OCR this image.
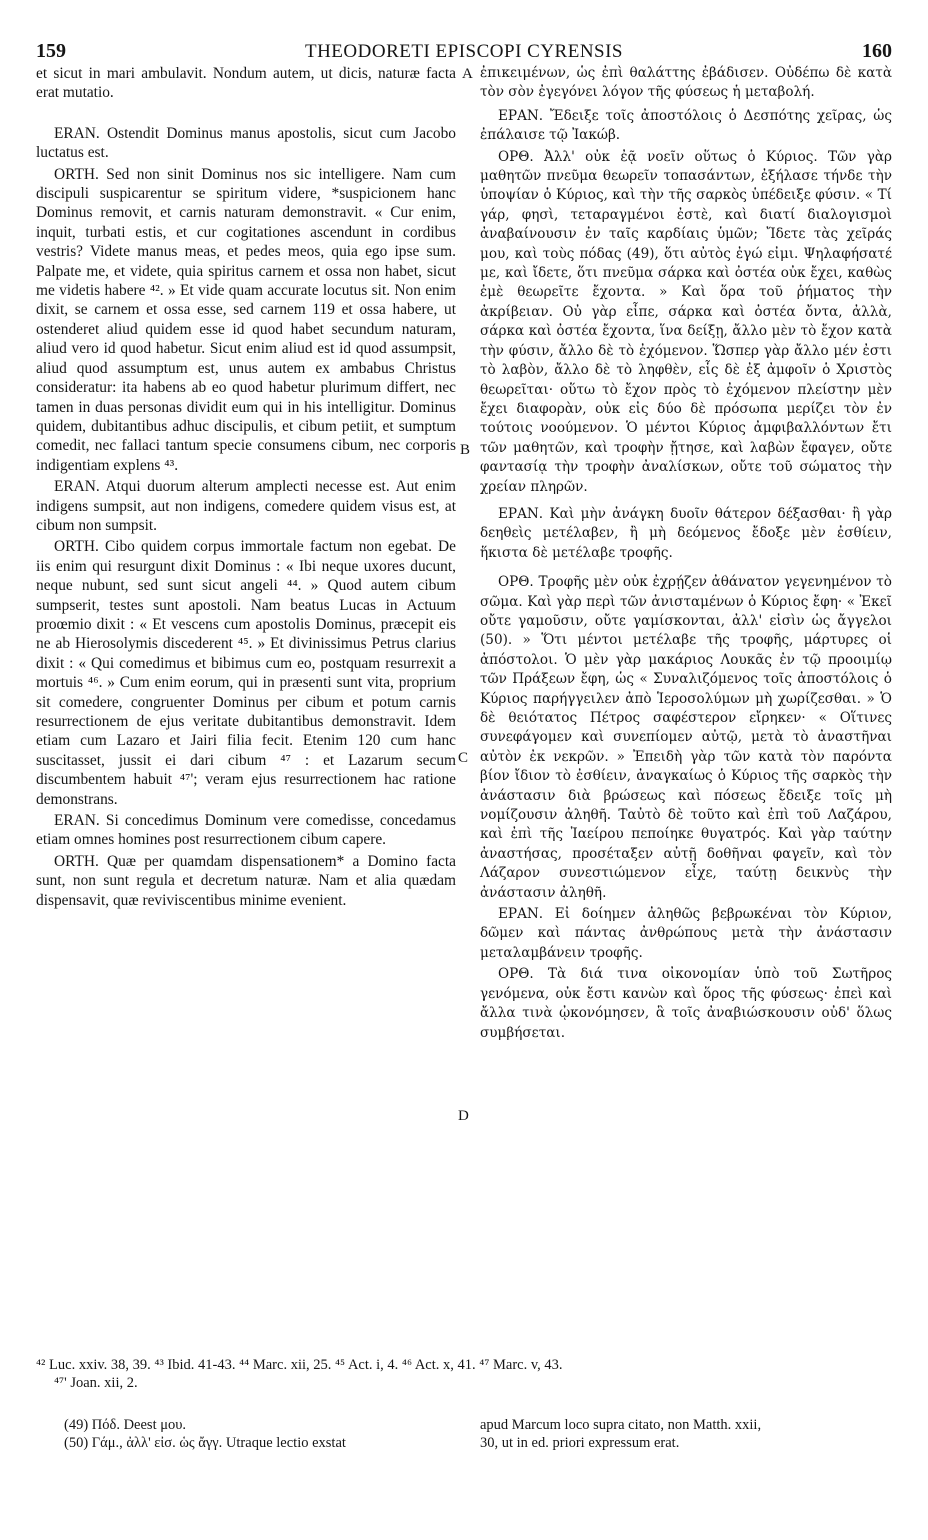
159	THEODORETI EPISCOPI CYRENSIS	160
A
B
C
D

et sicut in mari ambulavit. Nondum autem, ut dicis, naturæ facta erat mutatio.

ERAN. Ostendit Dominus manus apostolis, sicut cum Jacobo luctatus est.

ORTH. Sed non sinit Dominus nos sic intelligere. Nam cum discipuli suspicarentur se spiritum videre, *suspicionem hanc Dominus removit, et carnis naturam demonstravit. « Cur enim, inquit, turbati estis, et cur cogitationes ascendunt in cordibus vestris? Videte manus meas, et pedes meos, quia ego ipse sum. Palpate me, et videte, quia spiritus carnem et ossa non habet, sicut me videtis habere ⁴². » Et vide quam accurate locutus sit. Non enim dixit, se carnem et ossa esse, sed carnem 119 et ossa habere, ut ostenderet aliud quidem esse id quod habet secundum naturam, aliud vero id quod habetur. Sicut enim aliud est id quod assumpsit, aliud quod assumptum est, unus autem ex ambabus Christus consideratur: ita habens ab eo quod habetur plurimum differt, nec tamen in duas personas dividit eum qui in his intelligitur. Dominus quidem, dubitantibus adhuc discipulis, et cibum petiit, et sumptum comedit, nec fallaci tantum specie consumens cibum, nec corporis indigentiam explens ⁴³.

ERAN. Atqui duorum alterum amplecti necesse est. Aut enim indigens sumpsit, aut non indigens, comedere quidem visus est, at cibum non sumpsit.

ORTH. Cibo quidem corpus immortale factum non egebat. De iis enim qui resurgunt dixit Dominus : « Ibi neque uxores ducunt, neque nubunt, sed sunt sicut angeli ⁴⁴. » Quod autem cibum sumpserit, testes sunt apostoli. Nam beatus Lucas in Actuum proœmio dixit : « Et vescens cum apostolis Dominus, præcepit eis ne ab Hierosolymis discederent ⁴⁵. » Et divinissimus Petrus clarius dixit : « Qui comedimus et bibimus cum eo, postquam resurrexit a mortuis ⁴⁶. » Cum enim eorum, qui in præsenti sunt vita, proprium sit comedere, congruenter Dominus per cibum et potum carnis resurrectionem de ejus veritate dubitantibus demonstravit. Idem etiam cum Lazaro et Jairi filia fecit. Etenim 120 cum hanc suscitasset, jussit ei dari cibum ⁴⁷ : et Lazarum secum discumbentem habuit ⁴⁷'; veram ejus resurrectionem hac ratione demonstrans.

ERAN. Si concedimus Dominum vere comedisse, concedamus etiam omnes homines post resurrectionem cibum capere.

ORTH. Quæ per quamdam dispensationem* a Domino facta sunt, non sunt regula et decretum naturæ. Nam et alia quædam dispensavit, quæ reviviscentibus minime evenient.

ἐπικειμένων, ὡς ἐπὶ θαλάττης ἐβάδισεν. Οὐδέπω δὲ κατὰ τὸν σὸν ἐγεγόνει λόγον τῆς φύσεως ἡ μεταβολή.

ΕΡΑΝ. Ἔδειξε τοῖς ἀποστόλοις ὁ Δεσπότης χεῖρας, ὡς ἐπάλαισε τῷ Ἰακώβ.

ΟΡΘ. Ἀλλ' οὐκ ἐᾷ νοεῖν οὕτως ὁ Κύριος. Τῶν γὰρ μαθητῶν πνεῦμα θεωρεῖν τοπασάντων, ἐξήλασε τήνδε τὴν ὑποψίαν ὁ Κύριος, καὶ τὴν τῆς σαρκὸς ὑπέδειξε φύσιν. « Τί γάρ, φησὶ, τεταραγμένοι ἐστὲ, καὶ διατί διαλογισμοὶ ἀναβαίνουσιν ἐν ταῖς καρδίαις ὑμῶν; Ἴδετε τὰς χεῖράς μου, καὶ τοὺς πόδας (49), ὅτι αὐτὸς ἐγώ εἰμι. Ψηλαφήσατέ με, καὶ ἴδετε, ὅτι πνεῦμα σάρκα καὶ ὀστέα οὐκ ἔχει, καθὼς ἐμὲ θεωρεῖτε ἔχοντα. » Καὶ ὅρα τοῦ ῥήματος τὴν ἀκρίβειαν. Οὐ γὰρ εἶπε, σάρκα καὶ ὀστέα ὄντα, ἀλλὰ, σάρκα καὶ ὀστέα ἔχοντα, ἵνα δείξῃ, ἄλλο μὲν τὸ ἔχον κατὰ τὴν φύσιν, ἄλλο δὲ τὸ ἐχόμενον. Ὥσπερ γὰρ ἄλλο μέν ἐστι τὸ λαβὸν, ἄλλο δὲ τὸ ληφθὲν, εἷς δὲ ἐξ ἀμφοῖν ὁ Χριστὸς θεωρεῖται· οὕτω τὸ ἔχον πρὸς τὸ ἐχόμενον πλείστην μὲν ἔχει διαφορὰν, οὐκ εἰς δύο δὲ πρόσωπα μερίζει τὸν ἐν τούτοις νοούμενον. Ὁ μέντοι Κύριος ἀμφιβαλλόντων ἔτι τῶν μαθητῶν, καὶ τροφὴν ᾔτησε, καὶ λαβὼν ἔφαγεν, οὔτε φαντασίᾳ τὴν τροφὴν ἀναλίσκων, οὔτε τοῦ σώματος τὴν χρείαν πληρῶν.

ΕΡΑΝ. Καὶ μὴν ἀνάγκη δυοῖν θάτερον δέξασθαι· ἢ γὰρ δεηθεὶς μετέλαβεν, ἢ μὴ δεόμενος ἔδοξε μὲν ἐσθίειν, ἥκιστα δὲ μετέλαβε τροφῆς.

ΟΡΘ. Τροφῆς μὲν οὐκ ἐχρῄζεν ἀθάνατον γεγενημένον τὸ σῶμα. Καὶ γὰρ περὶ τῶν ἀνισταμένων ὁ Κύριος ἔφη· « Ἐκεῖ οὔτε γαμοῦσιν, οὔτε γαμίσκονται, ἀλλ' εἰσὶν ὡς ἄγγελοι (50). » Ὅτι μέντοι μετέλαβε τῆς τροφῆς, μάρτυρες οἱ ἀπόστολοι. Ὁ μὲν γὰρ μακάριος Λουκᾶς ἐν τῷ προοιμίῳ τῶν Πράξεων ἔφη, ὡς « Συναλιζόμενος τοῖς ἀποστόλοις ὁ Κύριος παρήγγειλεν ἀπὸ Ἱεροσολύμων μὴ χωρίζεσθαι. » Ὁ δὲ θειότατος Πέτρος σαφέστερον εἴρηκεν· « Οἵτινες συνεφάγομεν καὶ συνεπίομεν αὐτῷ, μετὰ τὸ ἀναστῆναι αὐτὸν ἐκ νεκρῶν. » Ἐπειδὴ γὰρ τῶν κατὰ τὸν παρόντα βίον ἴδιον τὸ ἐσθίειν, ἀναγκαίως ὁ Κύριος τῆς σαρκὸς τὴν ἀνάστασιν διὰ βρώσεως καὶ πόσεως ἔδειξε τοῖς μὴ νομίζουσιν ἀληθῆ. Ταὐτὸ δὲ τοῦτο καὶ ἐπὶ τοῦ Λαζάρου, καὶ ἐπὶ τῆς Ἰαείρου πεποίηκε θυγατρός. Καὶ γὰρ ταύτην ἀναστήσας, προσέταξεν αὐτῇ δοθῆναι φαγεῖν, καὶ τὸν Λάζαρον συνεστιώμενον εἶχε, ταύτῃ δεικνὺς τὴν ἀνάστασιν ἀληθῆ.

ΕΡΑΝ. Εἰ δοίημεν ἀληθῶς βεβρωκέναι τὸν Κύριον, δῶμεν καὶ πάντας ἀνθρώπους μετὰ τὴν ἀνάστασιν μεταλαμβάνειν τροφῆς.

ΟΡΘ. Τὰ διά τινα οἰκονομίαν ὑπὸ τοῦ Σωτῆρος γενόμενα, οὐκ ἔστι κανὼν καὶ ὅρος τῆς φύσεως· ἐπεὶ καὶ ἄλλα τινὰ ᾠκονόμησεν, ἃ τοῖς ἀναβιώσκουσιν οὐδ' ὅλως συμβήσεται.

⁴² Luc. xxiv. 38, 39. ⁴³ Ibid. 41-43. ⁴⁴ Marc. xii, 25. ⁴⁵ Act. i, 4. ⁴⁶ Act. x, 41. ⁴⁷ Marc. v, 43.
⁴⁷' Joan. xii, 2.
(49) Πόδ. Deest μου.
(50) Γάμ., ἀλλ' εἰσ. ὡς ἄγγ. Utraque lectio exstat
apud Marcum loco supra citato, non Matth. xxii,
30, ut in ed. priori expressum erat.
